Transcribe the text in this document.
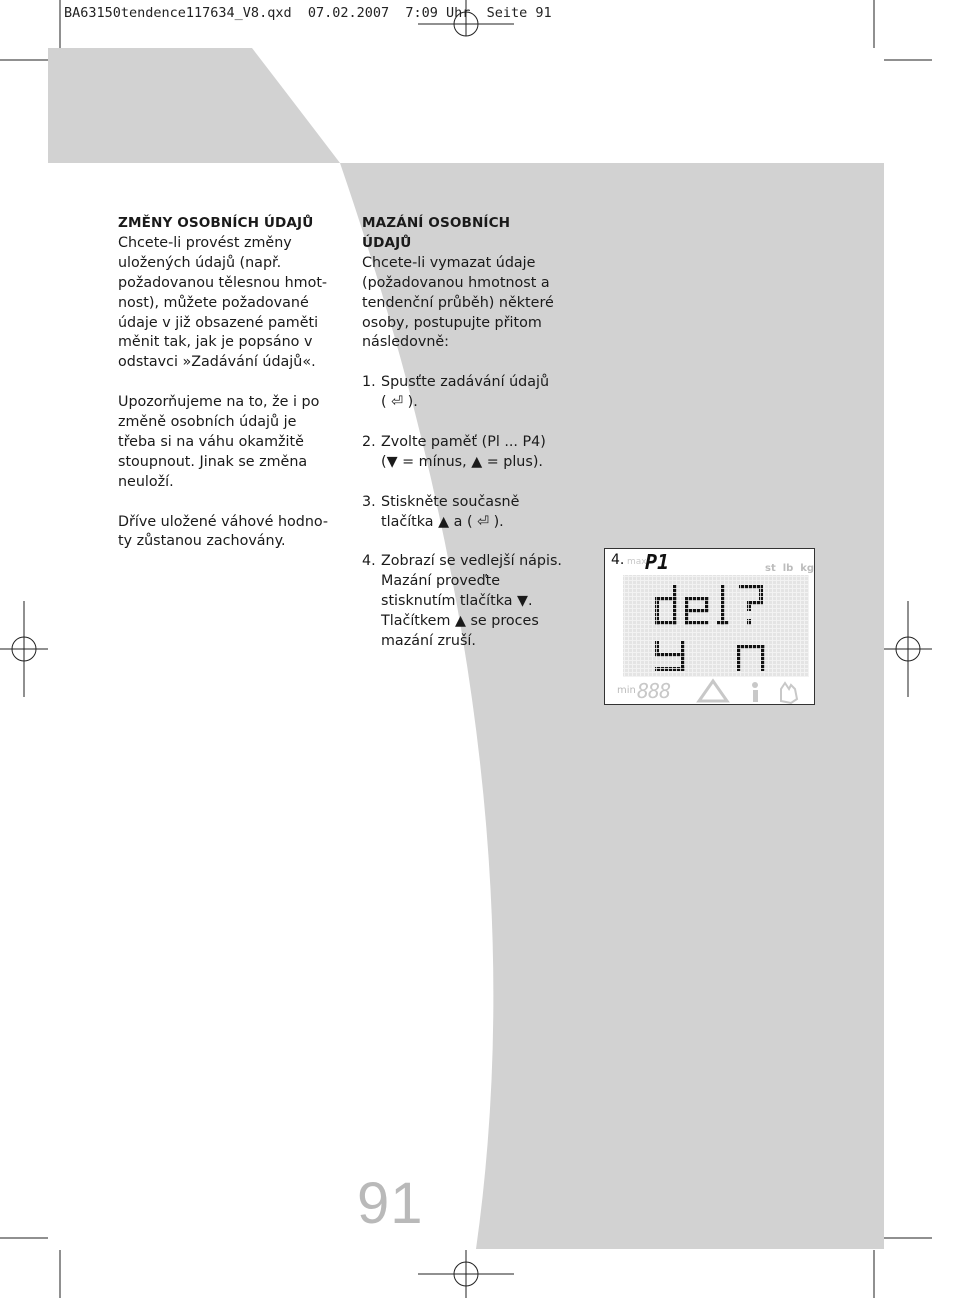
BA63150tendence117634_V8.qxd  07.02.2007  7:09 Uhr  Seite 91
ZMĚNY OSOBNÍCH ÚDAJŮ

Chcete-li provést změny
uložených údajů (např.
požadovanou tělesnou hmot-
nost), můžete požadované
údaje v již obsazené paměti
měnit tak, jak je popsáno v
odstavci »Zadávání údajů«.

Upozorňujeme na to, že i po
změně osobních údajů je
třeba si na váhu okamžitě
stoupnout. Jinak se změna
neuloží.

Dříve uložené váhové hodno-
ty zůstanou zachovány.

MAZÁNÍ OSOBNÍCH ÚDAJŮ
Chcete-li vymazat údaje
(požadovanou hmotnost a
tendenční průběh) některé
osoby, postupujte přitom
následovně:
1. Spusťte zadávání údajů
( ⏎ ).
2. Zvolte paměť (Pl ... P4)
(▼ = mínus, ▲ = plus).
3. Stiskněte současně
tlačítka ▲ a ( ⏎ ).
4. Zobrazí se vedlejší nápis.
Mazání proveďte
stisknutím tlačítka ▼.
Tlačítkem ▲ se proces
mazání zruší.
4. max
P1	st  lb  kg
min 888
91
